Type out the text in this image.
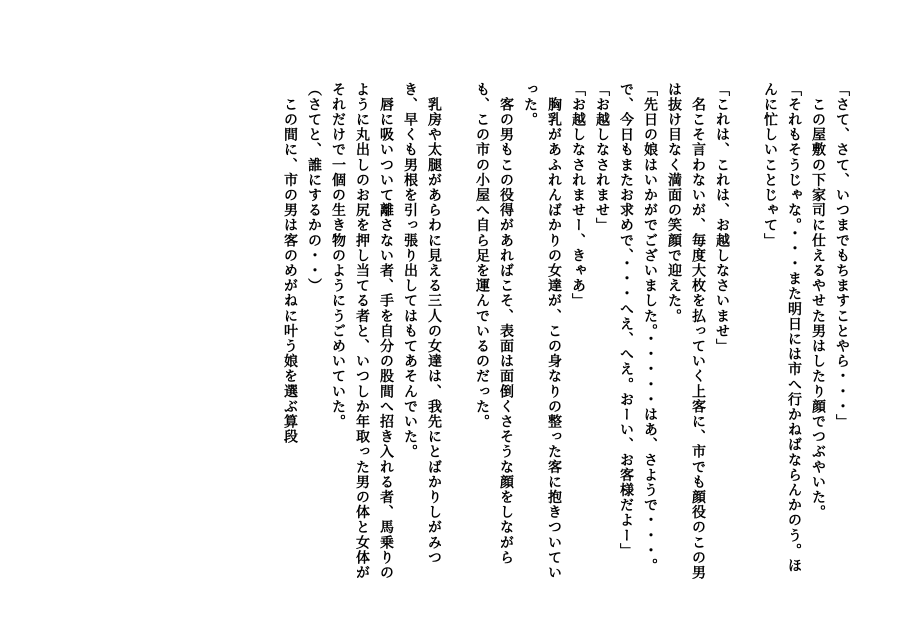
「さて、さて、いつまでもちますことやら・・・」

　この屋敷の下家司に仕えるやせた男はしたり顔でつぶやいた。

「それもそうじゃな。・・・また明日には市へ行かねばならんかのう。ほんに忙しいことじゃて」

「これは、これは、お越しなさいませ」

　名こそ言わないが、毎度大枚を払っていく上客に、市でも顔役のこの男は抜け目なく満面の笑顔で迎えた。

「先日の娘はいかがでございました。・・・・・はあ、さようで・・・。で、今日もまたお求めで、・・・へえ、へえ。おーい、お客様だよー」

「お越しなされませ」

「お越しなされませー、きゃあ」

　胸乳があふれんばかりの女達が、この身なりの整った客に抱きついていった。

　客の男もこの役得があればこそ、表面は面倒くさそうな顔をしながらも、この市の小屋へ自ら足を運んでいるのだった。

　乳房や太腿があらわに見える三人の女達は、我先にとばかりしがみつき、早くも男根を引っ張り出してはもてあそんでいた。

　唇に吸いついて離さない者、手を自分の股間へ招き入れる者、馬乗りのように丸出しのお尻を押し当てる者と、いつしか年取った男の体と女体がそれだけで一個の生き物のようにうごめいていた。

（さてと、誰にするかの・・）

　この間に、市の男は客のめがねに叶う娘を選ぶ算段
